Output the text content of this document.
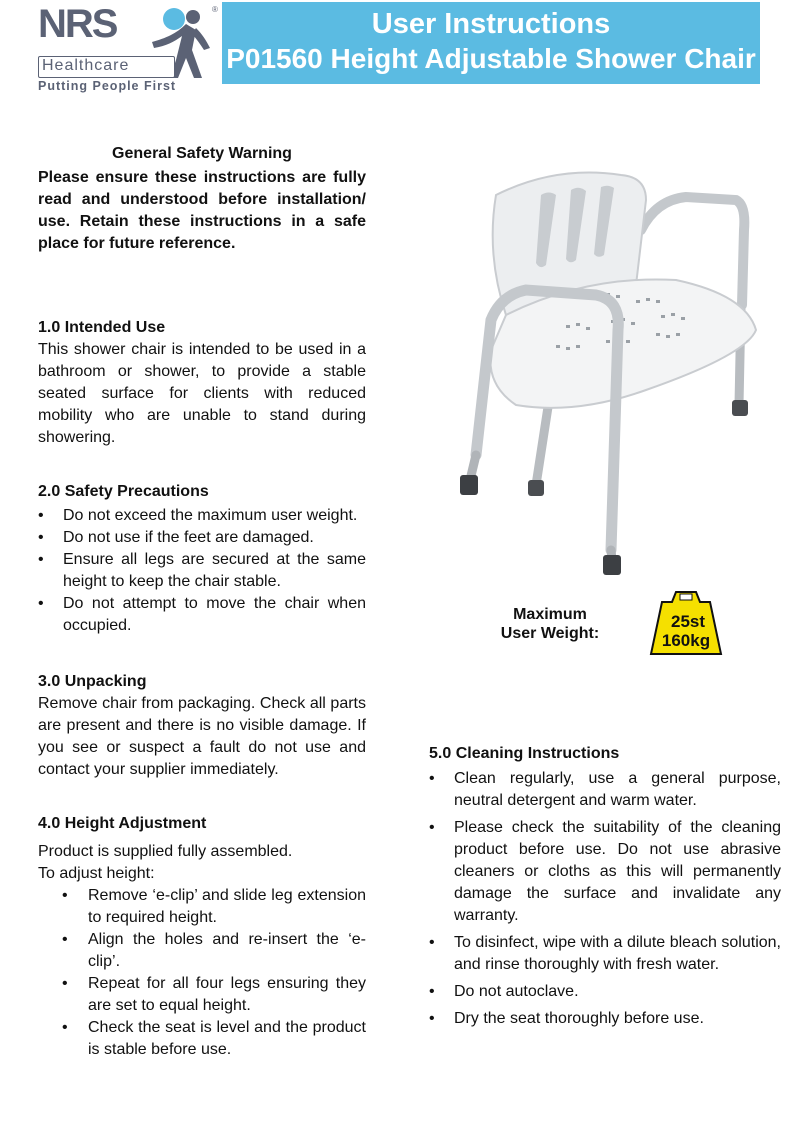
NRS	®
Healthcare
Putting People First
User Instructions
P01560 Height Adjustable Shower Chair
General Safety Warning
Please ensure these instructions are fully read and understood before installation/ use. Retain these instructions in a safe place for future reference.
1.0 Intended Use
This shower chair is intended to be used in a bathroom or shower, to provide a stable seated surface for clients with reduced mobility who are unable to stand during showering.
2.0 Safety Precautions
• Do not exceed the maximum user weight.
• Do not use if the feet are damaged.
• Ensure all legs are secured at the same height to keep the chair stable.
• Do not attempt to move the chair when occupied.
3.0 Unpacking
Remove chair from packaging. Check all parts are present and there is no visible damage. If you see or suspect a fault do not use and contact your supplier immediately.
4.0 Height Adjustment
Product is supplied fully assembled.
To adjust height:
• Remove ‘e-clip’ and slide leg extension to required height.
• Align the holes and re-insert the ‘e-clip’.
• Repeat for all four legs ensuring they are set to equal height.
• Check the seat is level and the product is stable before use.
Maximum
User Weight:
25st
160kg
5.0 Cleaning Instructions
• Clean regularly, use a general purpose, neutral detergent and warm water.
• Please check the suitability of the cleaning product before use. Do not use abrasive cleaners or cloths as this will permanently damage the surface and invalidate any warranty.
• To disinfect, wipe with a dilute bleach solution, and rinse thoroughly with fresh water.
• Do not autoclave.
• Dry the seat thoroughly before use.
